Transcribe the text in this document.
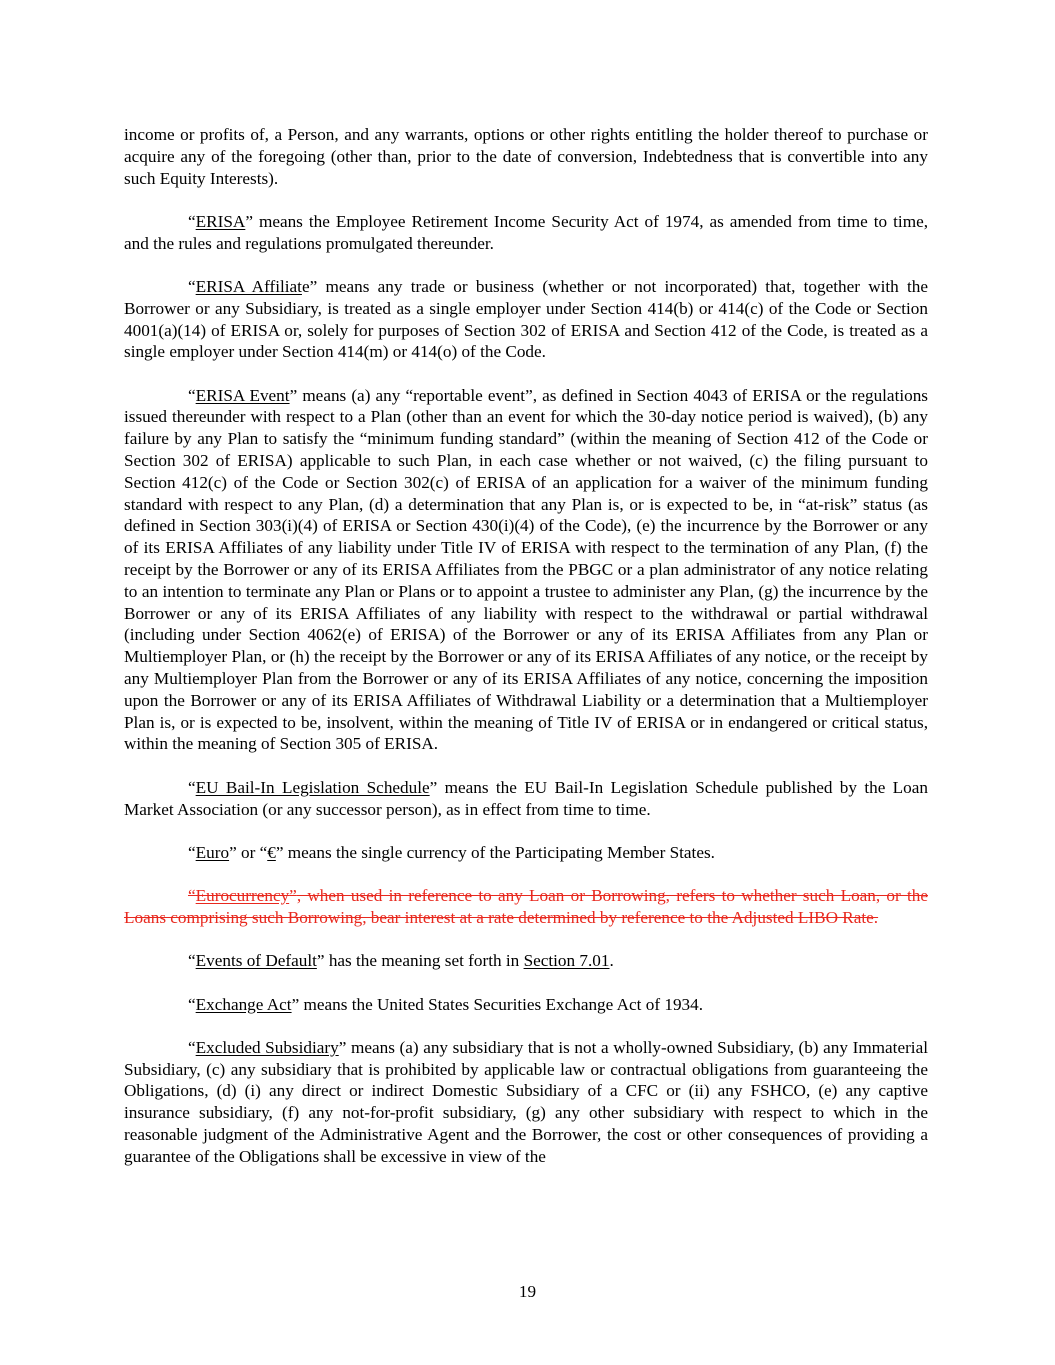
income or profits of, a Person, and any warrants, options or other rights entitling the holder thereof to purchase or acquire any of the foregoing (other than, prior to the date of conversion, Indebtedness that is convertible into any such Equity Interests).

“ERISA” means the Employee Retirement Income Security Act of 1974, as amended from time to time, and the rules and regulations promulgated thereunder.

“ERISA Affiliate” means any trade or business (whether or not incorporated) that, together with the Borrower or any Subsidiary, is treated as a single employer under Section 414(b) or 414(c) of the Code or Section 4001(a)(14) of ERISA or, solely for purposes of Section 302 of ERISA and Section 412 of the Code, is treated as a single employer under Section 414(m) or 414(o) of the Code.

“ERISA Event” means (a) any “reportable event”, as defined in Section 4043 of ERISA or the regulations issued thereunder with respect to a Plan (other than an event for which the 30-day notice period is waived), (b) any failure by any Plan to satisfy the “minimum funding standard” (within the meaning of Section 412 of the Code or Section 302 of ERISA) applicable to such Plan, in each case whether or not waived, (c) the filing pursuant to Section 412(c) of the Code or Section 302(c) of ERISA of an application for a waiver of the minimum funding standard with respect to any Plan, (d) a determination that any Plan is, or is expected to be, in “at-risk” status (as defined in Section 303(i)(4) of ERISA or Section 430(i)(4) of the Code), (e) the incurrence by the Borrower or any of its ERISA Affiliates of any liability under Title IV of ERISA with respect to the termination of any Plan, (f) the receipt by the Borrower or any of its ERISA Affiliates from the PBGC or a plan administrator of any notice relating to an intention to terminate any Plan or Plans or to appoint a trustee to administer any Plan, (g) the incurrence by the Borrower or any of its ERISA Affiliates of any liability with respect to the withdrawal or partial withdrawal (including under Section 4062(e) of ERISA) of the Borrower or any of its ERISA Affiliates from any Plan or Multiemployer Plan, or (h) the receipt by the Borrower or any of its ERISA Affiliates of any notice, or the receipt by any Multiemployer Plan from the Borrower or any of its ERISA Affiliates of any notice, concerning the imposition upon the Borrower or any of its ERISA Affiliates of Withdrawal Liability or a determination that a Multiemployer Plan is, or is expected to be, insolvent, within the meaning of Title IV of ERISA or in endangered or critical status, within the meaning of Section 305 of ERISA.

“EU Bail-In Legislation Schedule” means the EU Bail-In Legislation Schedule published by the Loan Market Association (or any successor person), as in effect from time to time.

“Euro” or “€” means the single currency of the Participating Member States.

“Eurocurrency”, when used in reference to any Loan or Borrowing, refers to whether such Loan, or the Loans comprising such Borrowing, bear interest at a rate determined by reference to the Adjusted LIBO Rate.

“Events of Default” has the meaning set forth in Section 7.01.

“Exchange Act” means the United States Securities Exchange Act of 1934.

“Excluded Subsidiary” means (a) any subsidiary that is not a wholly-owned Subsidiary, (b) any Immaterial Subsidiary, (c) any subsidiary that is prohibited by applicable law or contractual obligations from guaranteeing the Obligations, (d) (i) any direct or indirect Domestic Subsidiary of a CFC or (ii) any FSHCO, (e) any captive insurance subsidiary, (f) any not-for-profit subsidiary, (g) any other subsidiary with respect to which in the reasonable judgment of the Administrative Agent and the Borrower, the cost or other consequences of providing a guarantee of the Obligations shall be excessive in view of the

19
